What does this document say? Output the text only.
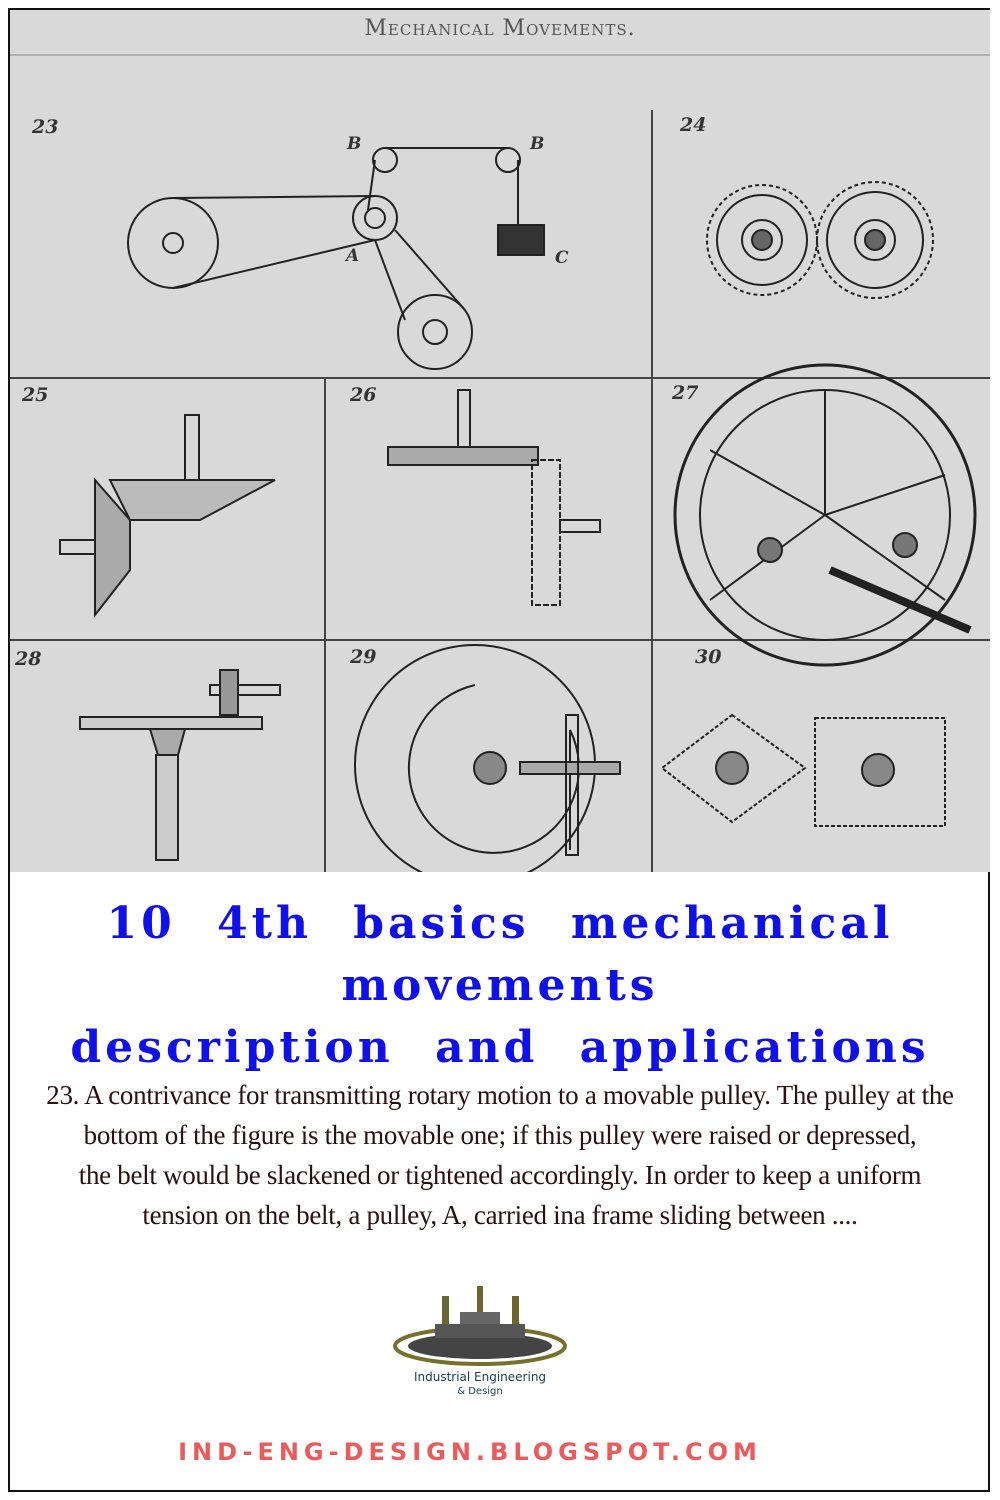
Mechanical Movements.
23	24
25	26	27
28	29	30
B	B
A	C
10 4th basics mechanical movements
description and applications
23. A contrivance for transmitting rotary motion to a movable pulley. The pulley at the bottom of the figure is the movable one; if this pulley were raised or depressed,
the belt would be slackened or tightened accordingly. In order to keep a uniform tension on the belt, a pulley, A, carried ina frame sliding between ....
Industrial Engineering
& Design
IND-ENG-DESIGN.BLOGSPOT.COM
